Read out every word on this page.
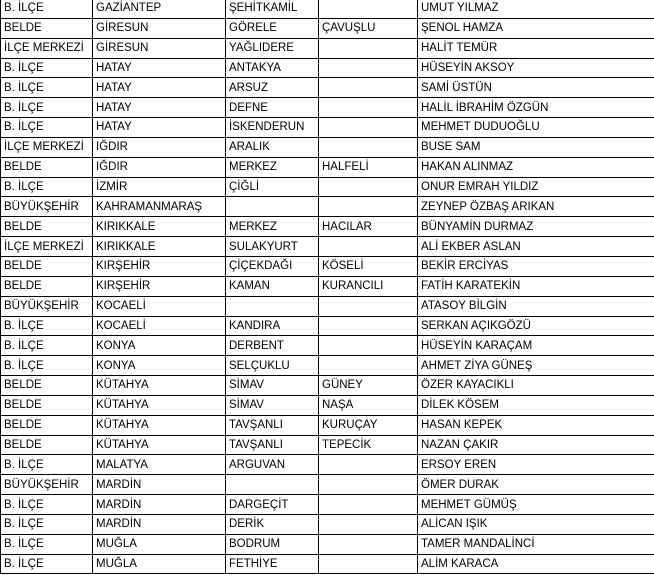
B. İLÇE	GAZİANTEP	ŞEHİTKAMİL		UMUT YILMAZ
BELDE	GİRESUN	GÖRELE	ÇAVUŞLU	ŞENOL HAMZA
İLÇE MERKEZİ	GİRESUN	YAĞLIDERE		HALİT TEMÜR
B. İLÇE	HATAY	ANTAKYA		HÜSEYİN AKSOY
B. İLÇE	HATAY	ARSUZ		SAMİ ÜSTÜN
B. İLÇE	HATAY	DEFNE		HALİL İBRAHİM ÖZGÜN
B. İLÇE	HATAY	İSKENDERUN		MEHMET DUDUOĞLU
İLÇE MERKEZİ	IĞDIR	ARALIK		BUSE SAM
BELDE	IĞDIR	MERKEZ	HALFELİ	HAKAN ALINMAZ
B. İLÇE	İZMİR	ÇİĞLİ		ONUR EMRAH YILDIZ
BÜYÜKŞEHİR	KAHRAMANMARAŞ			ZEYNEP ÖZBAŞ ARIKAN
BELDE	KIRIKKALE	MERKEZ	HACILAR	BÜNYAMİN DURMAZ
İLÇE MERKEZİ	KIRIKKALE	SULAKYURT		ALİ EKBER ASLAN
BELDE	KIRŞEHİR	ÇİÇEKDAĞI	KÖSELİ	BEKİR ERCİYAS
BELDE	KIRŞEHİR	KAMAN	KURANCILI	FATİH KARATEKİN
BÜYÜKŞEHİR	KOCAELİ			ATASOY BİLGİN
B. İLÇE	KOCAELİ	KANDIRA		SERKAN AÇIKGÖZÜ
B. İLÇE	KONYA	DERBENT		HÜSEYİN KARAÇAM
B. İLÇE	KONYA	SELÇUKLU		AHMET ZİYA GÜNEŞ
BELDE	KÜTAHYA	SİMAV	GÜNEY	ÖZER KAYACIKLI
BELDE	KÜTAHYA	SİMAV	NAŞA	DİLEK KÖSEM
BELDE	KÜTAHYA	TAVŞANLI	KURUÇAY	HASAN KEPEK
BELDE	KÜTAHYA	TAVŞANLI	TEPECİK	NAZAN ÇAKIR
B. İLÇE	MALATYA	ARGUVAN		ERSOY EREN
BÜYÜKŞEHİR	MARDİN			ÖMER DURAK
B. İLÇE	MARDİN	DARGEÇİT		MEHMET GÜMÜŞ
B. İLÇE	MARDİN	DERİK		ALİCAN IŞIK
B. İLÇE	MUĞLA	BODRUM		TAMER MANDALİNCİ
B. İLÇE	MUĞLA	FETHİYE		ALİM KARACA
